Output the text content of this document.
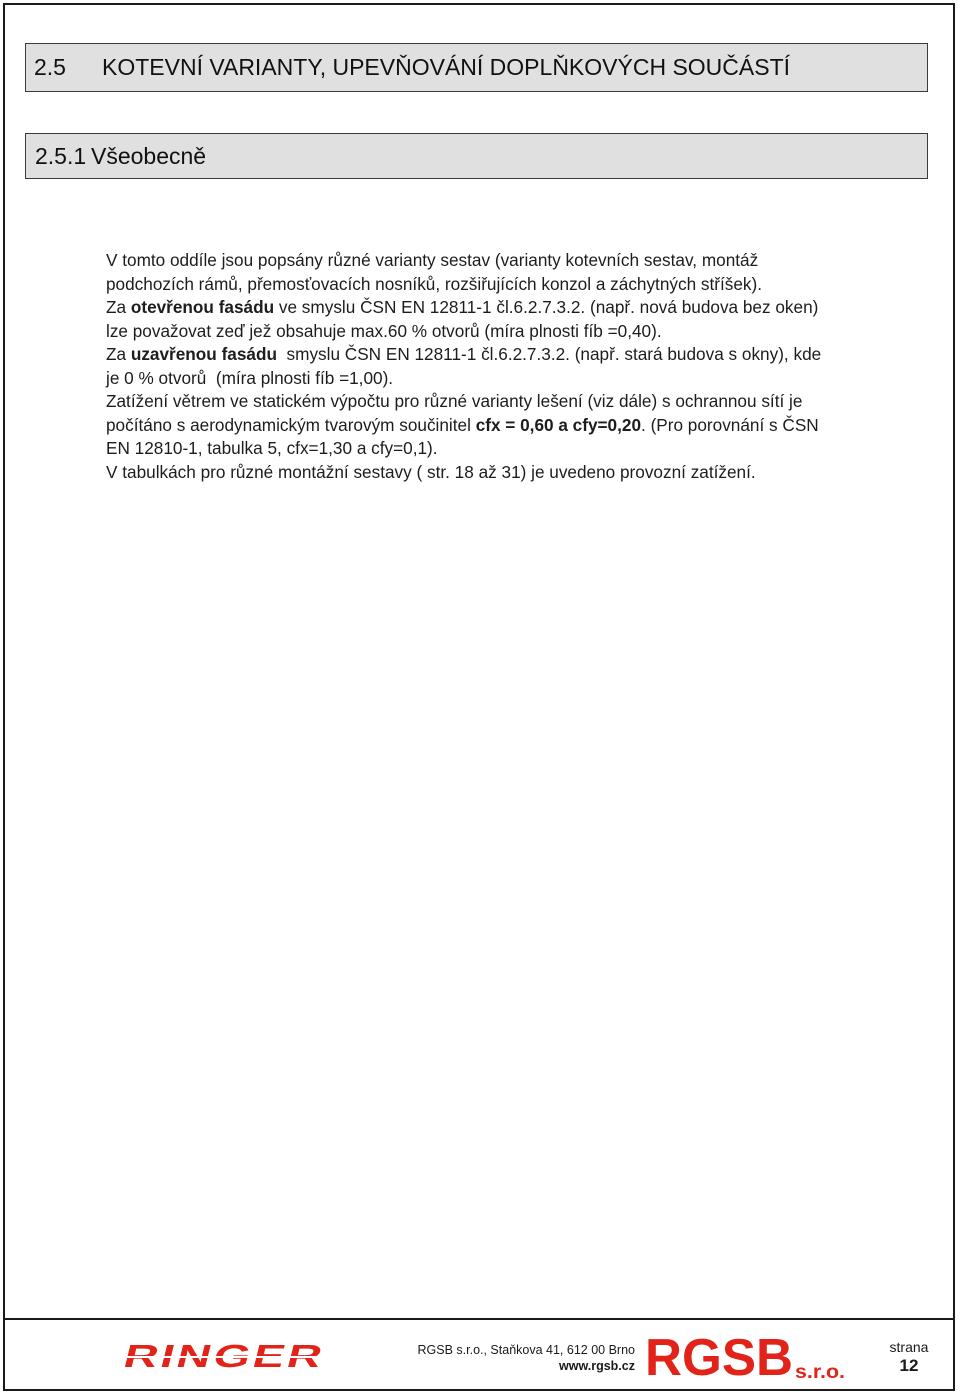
2.5	KOTEVNÍ VARIANTY, UPEVŇOVÁNÍ DOPLŇKOVÝCH SOUČÁSTÍ
2.5.1 Všeobecně
V tomto oddíle jsou popsány různé varianty sestav (varianty kotevních sestav, montáž
podchozích rámů, přemosťovacích nosníků, rozšiřujících konzol a záchytných stříšek).
Za otevřenou fasádu ve smyslu ČSN EN 12811-1 čl.6.2.7.3.2. (např. nová budova bez oken)
lze považovat zeď jež obsahuje max.60 % otvorů (míra plnosti fíb =0,40).
Za uzavřenou fasádu  smyslu ČSN EN 12811-1 čl.6.2.7.3.2. (např. stará budova s okny), kde
je 0 % otvorů  (míra plnosti fíb =1,00).
Zatížení větrem ve statickém výpočtu pro různé varianty lešení (viz dále) s ochrannou sítí je
počítáno s aerodynamickým tvarovým součinitel cfx = 0,60 a cfy=0,20. (Pro porovnání s ČSN
EN 12810-1, tabulka 5, cfx=1,30 a cfy=0,1).
V tabulkách pro různé montážní sestavy ( str. 18 až 31) je uvedeno provozní zatížení.
RINGER	RGSB s.r.o., Staňkova 41, 612 00 Brno
www.rgsb.cz RGSB s.r.o.
strana
12
